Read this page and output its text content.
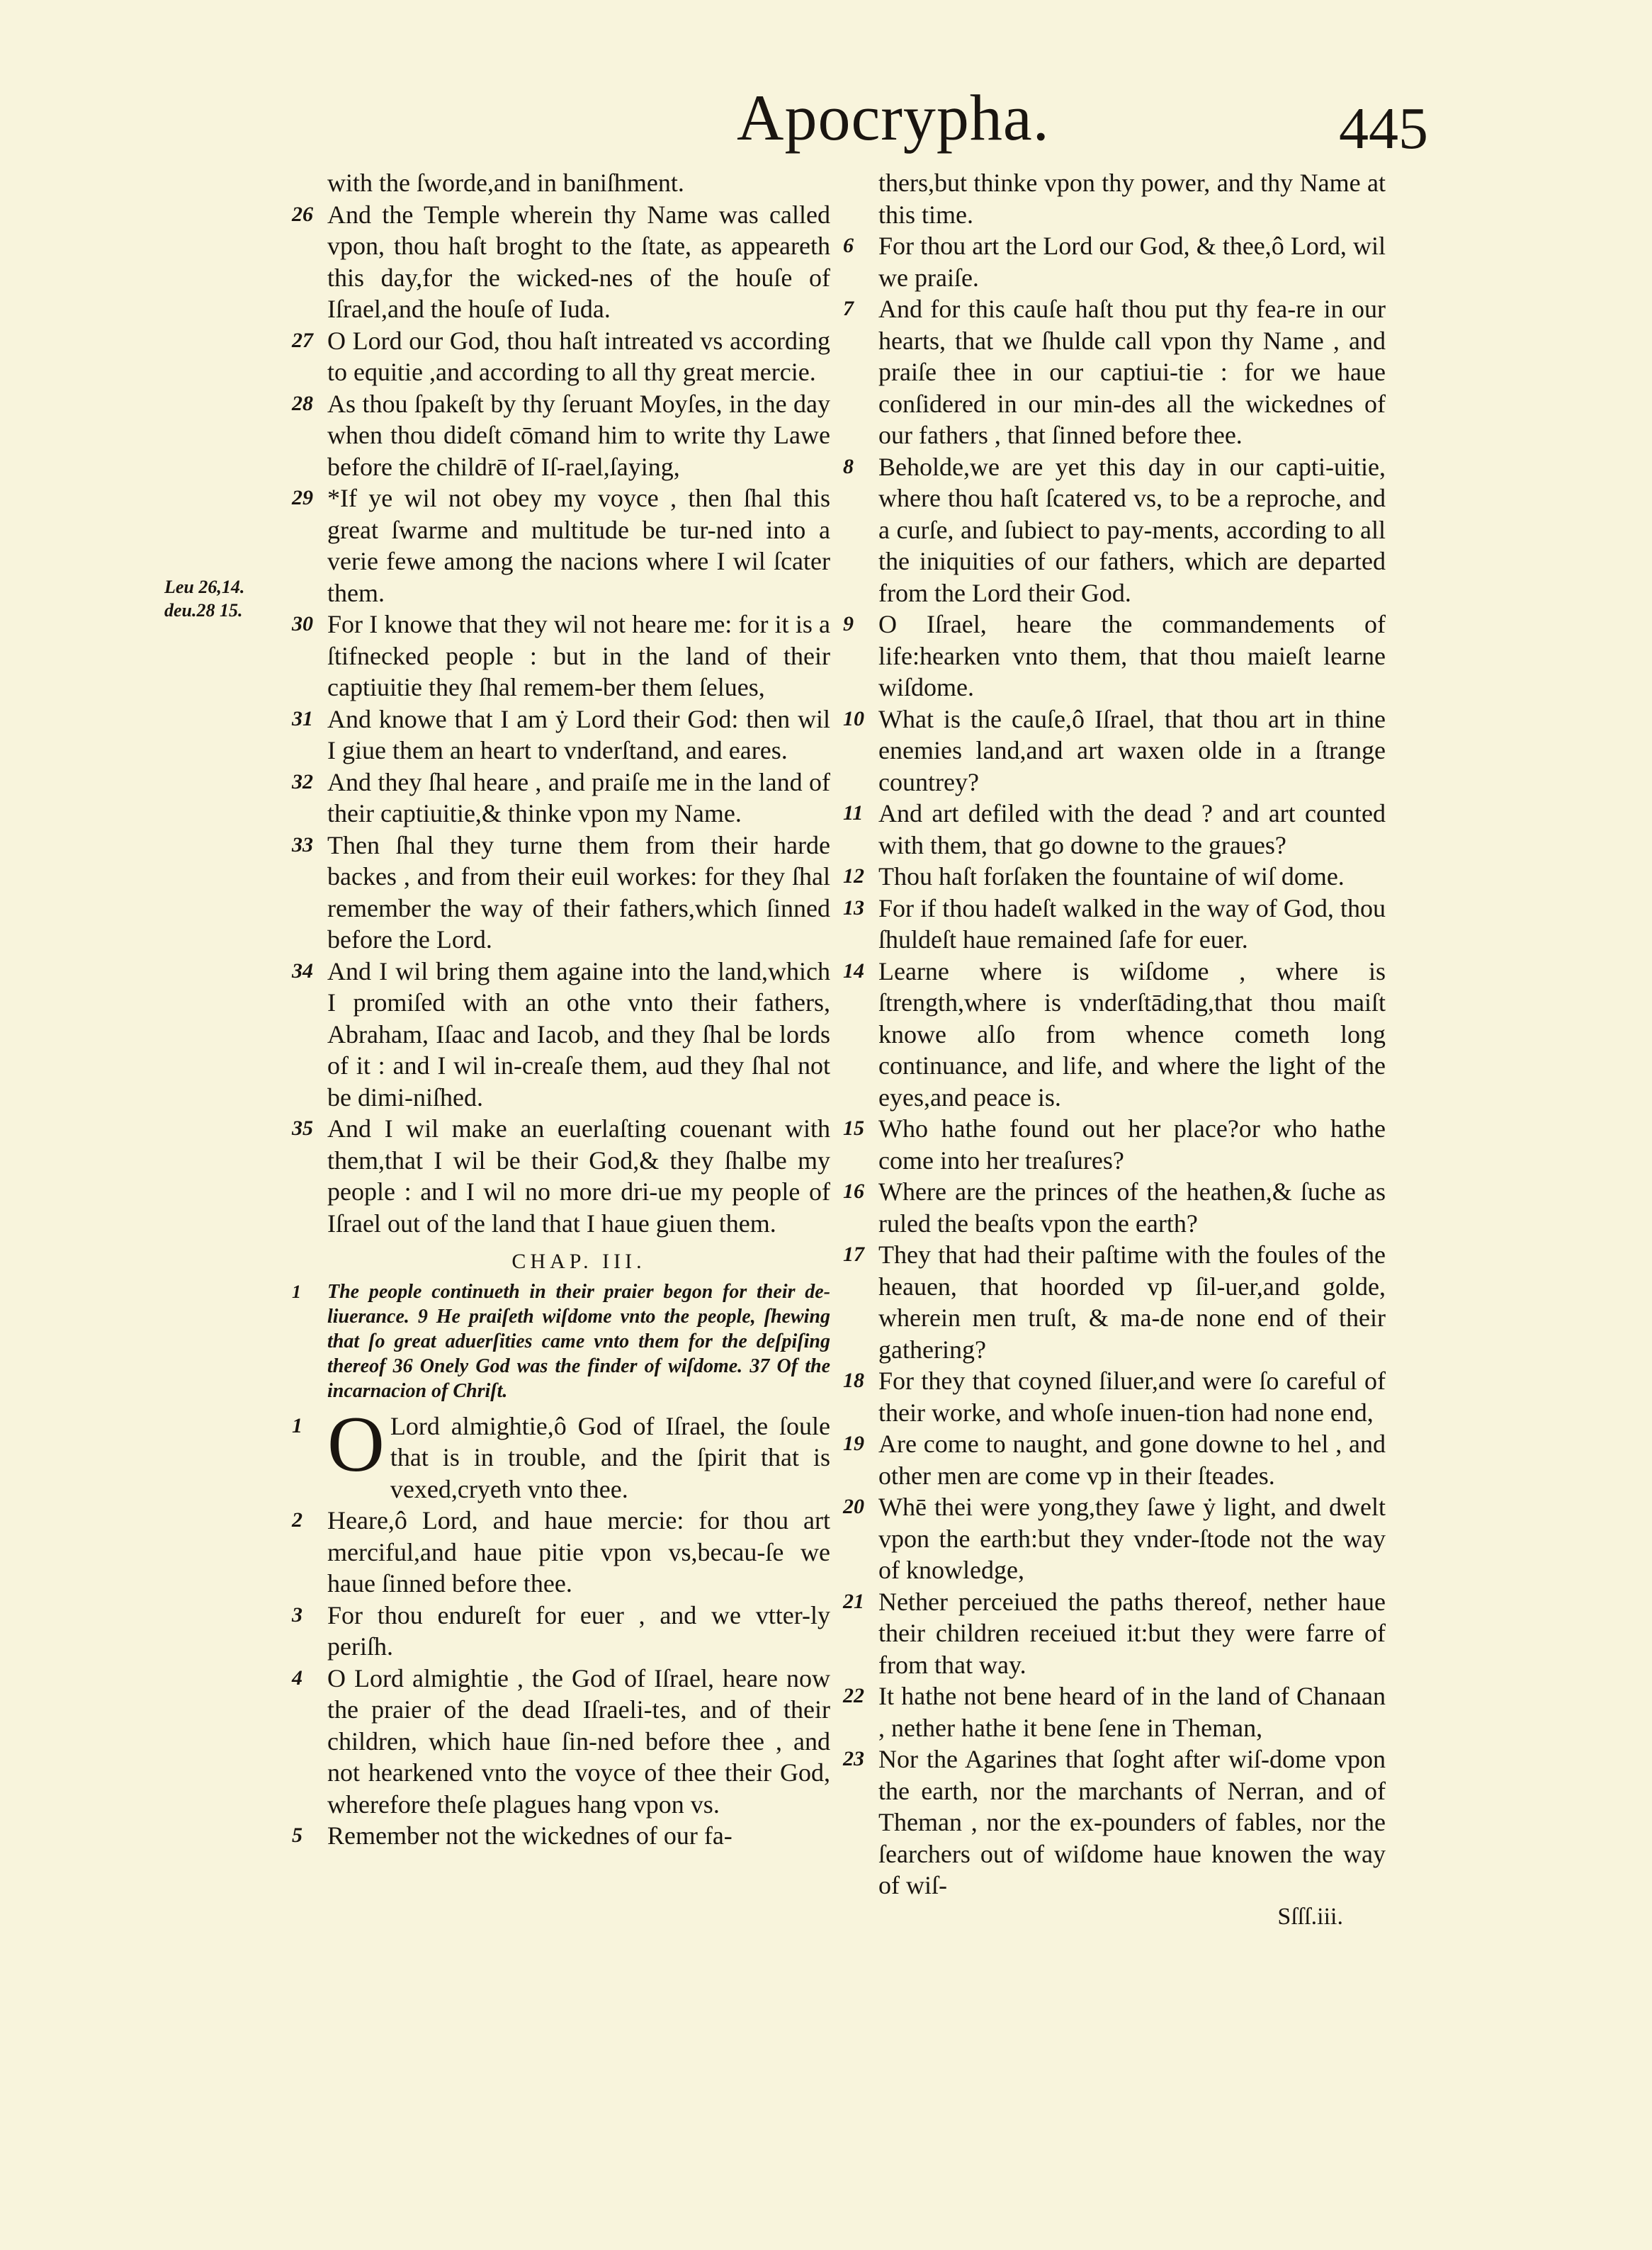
Apocrypha.	445
Leu 26,14.
deu.28 15.
with the ſworde,and in baniſhment.
26 And the Temple wherein thy Name was called vpon, thou haſt broght to the ſtate, as appeareth this day,for the wicked-nes of the houſe of Iſrael,and the houſe of Iuda.
27 O Lord our God, thou haſt intreated vs according to equitie ,and according to all thy great mercie.
28 As thou ſpakeſt by thy ſeruant Moyſes, in the day when thou dideſt cōmand him to write thy Lawe before the childrē of Iſ-rael,ſaying,
29 *If ye wil not obey my voyce , then ſhal this great ſwarme and multitude be tur-ned into a verie fewe among the nacions where I wil ſcater them.
30 For I knowe that they wil not heare me: for it is a ſtifnecked people : but in the land of their captiuitie they ſhal remem-ber them ſelues,
31 And knowe that I am ẏ Lord their God: then wil I giue them an heart to vnderſtand, and eares.
32 And they ſhal heare , and praiſe me in the land of their captiuitie,& thinke vpon my Name.
33 Then ſhal they turne them from their harde backes , and from their euil workes: for they ſhal remember the way of their fathers,which ſinned before the Lord.
34 And I wil bring them againe into the land,which I promiſed with an othe vnto their fathers, Abraham, Iſaac and Iacob, and they ſhal be lords of it : and I wil in-creaſe them, aud they ſhal not be dimi-niſhed.
35 And I wil make an euerlaſting couenant with them,that I wil be their God,& they ſhalbe my people : and I wil no more dri-ue my people of Iſrael out of the land that I haue giuen them.
CHAP. III.
1 The people continueth in their praier begon for their de-liuerance. 9 He praiſeth wiſdome vnto the people, ſhewing that ſo great aduerſities came vnto them for the deſpiſing thereof 36 Onely God was the finder of wiſdome. 37 Of the incarnacion of Chriſt.
1 O Lord almightie,ô God of Iſrael, the ſoule that is in trouble, and the ſpirit that is vexed,cryeth vnto thee.
2 Heare,ô Lord, and haue mercie: for thou art merciful,and haue pitie vpon vs,becau-ſe we haue ſinned before thee.
3 For thou endureſt for euer , and we vtter-ly periſh.
4 O Lord almightie , the God of Iſrael, heare now the praier of the dead Iſraeli-tes, and of their children, which haue ſin-ned before thee , and not hearkened vnto the voyce of thee their God, wherefore theſe plagues hang vpon vs.
5 Remember not the wickednes of our fa-
thers,but thinke vpon thy power, and thy Name at this time.
6 For thou art the Lord our God, & thee,ô Lord, wil we praiſe.
7 And for this cauſe haſt thou put thy fea-re in our hearts, that we ſhulde call vpon thy Name , and praiſe thee in our captiui-tie : for we haue conſidered in our min-des all the wickednes of our fathers , that ſinned before thee.
8 Beholde,we are yet this day in our capti-uitie, where thou haſt ſcatered vs, to be a reproche, and a curſe, and ſubiect to pay-ments, according to all the iniquities of our fathers, which are departed from the Lord their God.
9 O Iſrael, heare the commandements of life:hearken vnto them, that thou maieſt learne wiſdome.
10 What is the cauſe,ô Iſrael, that thou art in thine enemies land,and art waxen olde in a ſtrange countrey?
11 And art defiled with the dead ? and art counted with them, that go downe to the graues?
12 Thou haſt forſaken the fountaine of wiſ dome.
13 For if thou hadeſt walked in the way of God, thou ſhuldeſt haue remained ſafe for euer.
14 Learne where is wiſdome , where is ſtrength,where is vnderſtāding,that thou maiſt knowe alſo from whence cometh long continuance, and life, and where the light of the eyes,and peace is.
15 Who hathe found out her place?or who hathe come into her treaſures?
16 Where are the princes of the heathen,& ſuche as ruled the beaſts vpon the earth?
17 They that had their paſtime with the foules of the heauen, that hoorded vp ſil-uer,and golde, wherein men truſt, & ma-de none end of their gathering?
18 For they that coyned ſiluer,and were ſo careful of their worke, and whoſe inuen-tion had none end,
19 Are come to naught, and gone downe to hel , and other men are come vp in their ſteades.
20 Whē thei were yong,they ſawe ẏ light, and dwelt vpon the earth:but they vnder-ſtode not the way of knowledge,
21 Nether perceiued the paths thereof, nether haue their children receiued it:but they were farre of from that way.
22 It hathe not bene heard of in the land of Chanaan , nether hathe it bene ſene in Theman,
23 Nor the Agarines that ſoght after wiſ-dome vpon the earth, nor the marchants of Nerran, and of Theman , nor the ex-pounders of fables, nor the ſearchers out of wiſdome haue knowen the way of wiſ-
Sſſſ.iii.
